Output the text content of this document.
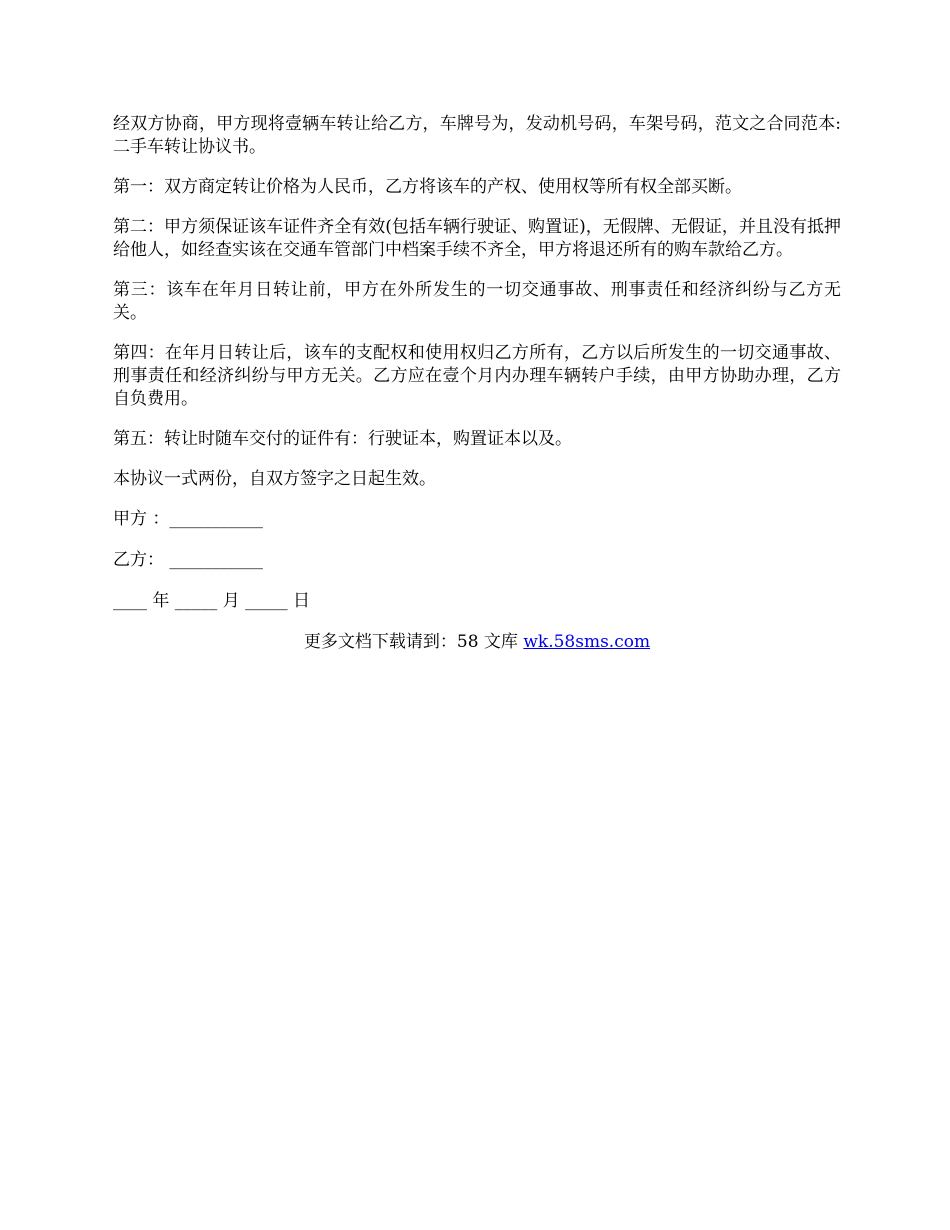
经双方协商，甲方现将壹辆车转让给乙方，车牌号为，发动机号码，车架号码，范文之合同范本:二手车转让协议书。

第一：双方商定转让价格为人民币，乙方将该车的产权、使用权等所有权全部买断。

第二：甲方须保证该车证件齐全有效(包括车辆行驶证、购置证)，无假牌、无假证，并且没有抵押给他人，如经查实该在交通车管部门中档案手续不齐全，甲方将退还所有的购车款给乙方。

第三：该车在年月日转让前，甲方在外所发生的一切交通事故、刑事责任和经济纠纷与乙方无关。

第四：在年月日转让后，该车的支配权和使用权归乙方所有，乙方以后所发生的一切交通事故、刑事责任和经济纠纷与甲方无关。乙方应在壹个月内办理车辆转户手续，由甲方协助办理，乙方自负费用。

第五：转让时随车交付的证件有：行驶证本，购置证本以及。

本协议一式两份，自双方签字之日起生效。

甲方 ：___________

乙方： ___________

____ 年 _____ 月 _____ 日

更多文档下载请到：58 文库 wk.58sms.com
